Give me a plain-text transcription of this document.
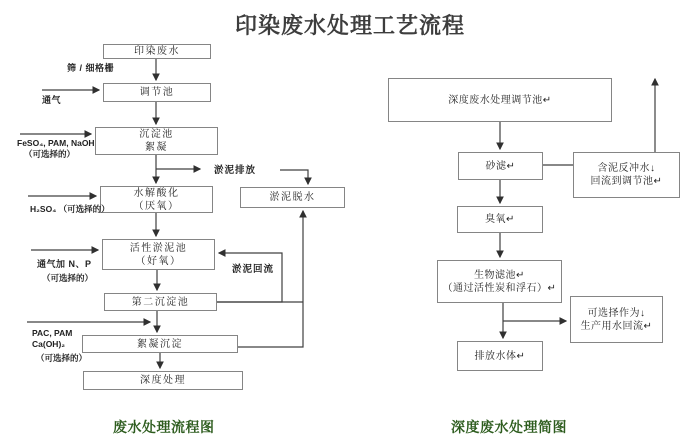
印染废水处理工艺流程
印染废水
调节池
沉淀池
絮凝
水解酸化
（厌氧）
活性淤泥池
（好氧）
第二沉淀池
絮凝沉淀
深度处理
淤泥脱水
筛 / 细格栅
通气
FeSO₄, PAM, NaOH
（可选择的）
H₂SO₄ （可选择的）
通气加 N、P
（可选择的）
PAC, PAM
Ca(OH)₂
（可选择的）
淤泥排放
淤泥回流
深度废水处理调节池↵
砂滤↵	含泥反冲水↓
回流到调节池↵
臭氧↵
生物滤池↵
（通过活性炭和浮石）↵
可选择作为↓
生产用水回流↵
排放水体↵
废水处理流程图	深度废水处理简图
